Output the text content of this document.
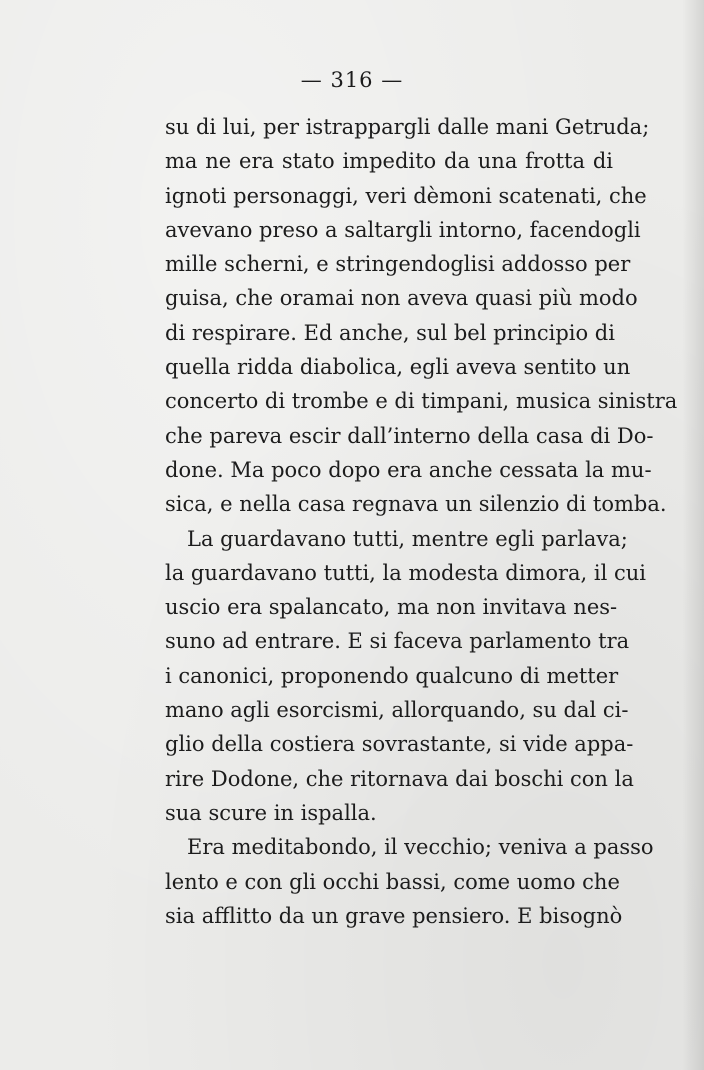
— 316 —
su di lui, per istrappargli dalle mani Getruda;
ma ne era stato impedito da una frotta di
ignoti personaggi, veri dèmoni scatenati, che
avevano preso a saltargli intorno, facendogli
mille scherni, e stringendoglisi addosso per
guisa, che oramai non aveva quasi più modo
di respirare. Ed anche, sul bel principio di
quella ridda diabolica, egli aveva sentito un
concerto di trombe e di timpani, musica sinistra
che pareva escir dall’interno della casa di Do-
done. Ma poco dopo era anche cessata la mu-
sica, e nella casa regnava un silenzio di tomba.
La guardavano tutti, mentre egli parlava;
la guardavano tutti, la modesta dimora, il cui
uscio era spalancato, ma non invitava nes-
suno ad entrare. E si faceva parlamento tra
i canonici, proponendo qualcuno di metter
mano agli esorcismi, allorquando, su dal ci-
glio della costiera sovrastante, si vide appa-
rire Dodone, che ritornava dai boschi con la
sua scure in ispalla.
Era meditabondo, il vecchio; veniva a passo
lento e con gli occhi bassi, come uomo che
sia afflitto da un grave pensiero. E bisognò
